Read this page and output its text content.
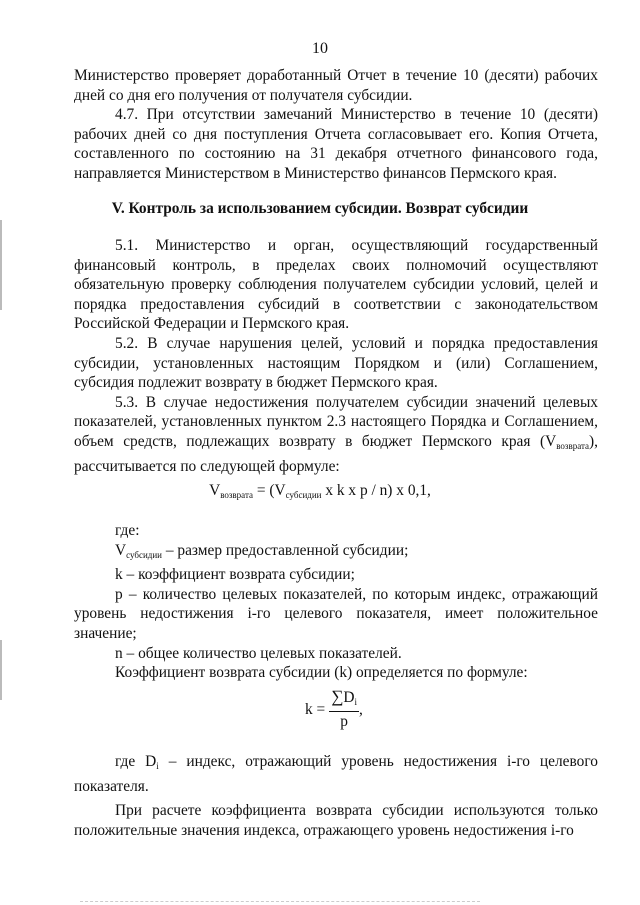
10

Министерство проверяет доработанный Отчет в течение 10 (десяти) рабочих дней со дня его получения от получателя субсидии.

4.7. При отсутствии замечаний Министерство в течение 10 (десяти) рабочих дней со дня поступления Отчета согласовывает его. Копия Отчета, составленного по состоянию на 31 декабря отчетного финансового года, направляется Министерством в Министерство финансов Пермского края.

V. Контроль за использованием субсидии. Возврат субсидии

5.1. Министерство и орган, осуществляющий государственный финансовый контроль, в пределах своих полномочий осуществляют обязательную проверку соблюдения получателем субсидии условий, целей и порядка предоставления субсидий в соответствии с законодательством Российской Федерации и Пермского края.

5.2. В случае нарушения целей, условий и порядка предоставления субсидии, установленных настоящим Порядком и (или) Соглашением, субсидия подлежит возврату в бюджет Пермского края.

5.3. В случае недостижения получателем субсидии значений целевых показателей, установленных пунктом 2.3 настоящего Порядка и Соглашением, объем средств, подлежащих возврату в бюджет Пермского края $(V_{возврата})$, рассчитывается по следующей формуле:

$V_{возврата} = (V_{субсидии}$ x k x p / n) x 0,1,

где:

$V_{субсидии}$ – размер предоставленной субсидии;

k – коэффициент возврата субсидии;

p – количество целевых показателей, по которым индекс, отражающий уровень недостижения i-го целевого показателя, имеет положительное значение;

n – общее количество целевых показателей.

Коэффициент возврата субсидии (k) определяется по формуле:

$k = \frac{\sum D_i}{p}$ ,

где $D_i$ – индекс, отражающий уровень недостижения i-го целевого показателя.

При расчете коэффициента возврата субсидии используются только положительные значения индекса, отражающего уровень недостижения i-го
